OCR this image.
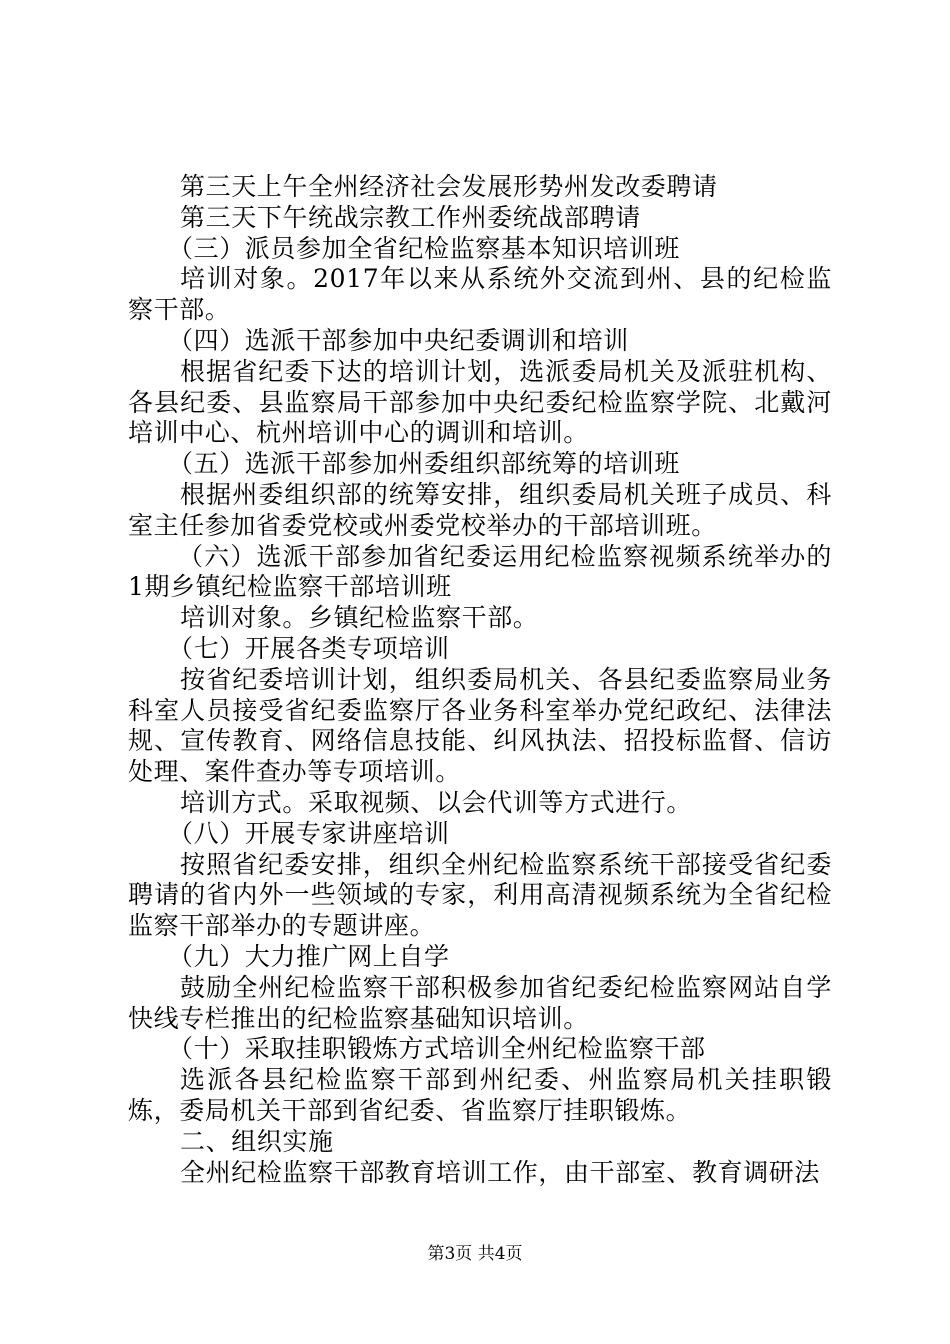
第三天上午全州经济社会发展形势州发改委聘请

第三天下午统战宗教工作州委统战部聘请

（三）派员参加全省纪检监察基本知识培训班

培训对象。2017年以来从系统外交流到州、县的纪检监察干部。

（四）选派干部参加中央纪委调训和培训

根据省纪委下达的培训计划，选派委局机关及派驻机构、各县纪委、县监察局干部参加中央纪委纪检监察学院、北戴河培训中心、杭州培训中心的调训和培训。

（五）选派干部参加州委组织部统筹的培训班

根据州委组织部的统筹安排，组织委局机关班子成员、科室主任参加省委党校或州委党校举办的干部培训班。

（六）选派干部参加省纪委运用纪检监察视频系统举办的1期乡镇纪检监察干部培训班

培训对象。乡镇纪检监察干部。

（七）开展各类专项培训

按省纪委培训计划，组织委局机关、各县纪委监察局业务科室人员接受省纪委监察厅各业务科室举办党纪政纪、法律法规、宣传教育、网络信息技能、纠风执法、招投标监督、信访处理、案件查办等专项培训。

培训方式。采取视频、以会代训等方式进行。

（八）开展专家讲座培训

按照省纪委安排，组织全州纪检监察系统干部接受省纪委聘请的省内外一些领域的专家，利用高清视频系统为全省纪检监察干部举办的专题讲座。

（九）大力推广网上自学

鼓励全州纪检监察干部积极参加省纪委纪检监察网站自学快线专栏推出的纪检监察基础知识培训。

（十）采取挂职锻炼方式培训全州纪检监察干部

选派各县纪检监察干部到州纪委、州监察局机关挂职锻炼，委局机关干部到省纪委、省监察厅挂职锻炼。

二、组织实施

全州纪检监察干部教育培训工作，由干部室、教育调研法

第3页 共4页
